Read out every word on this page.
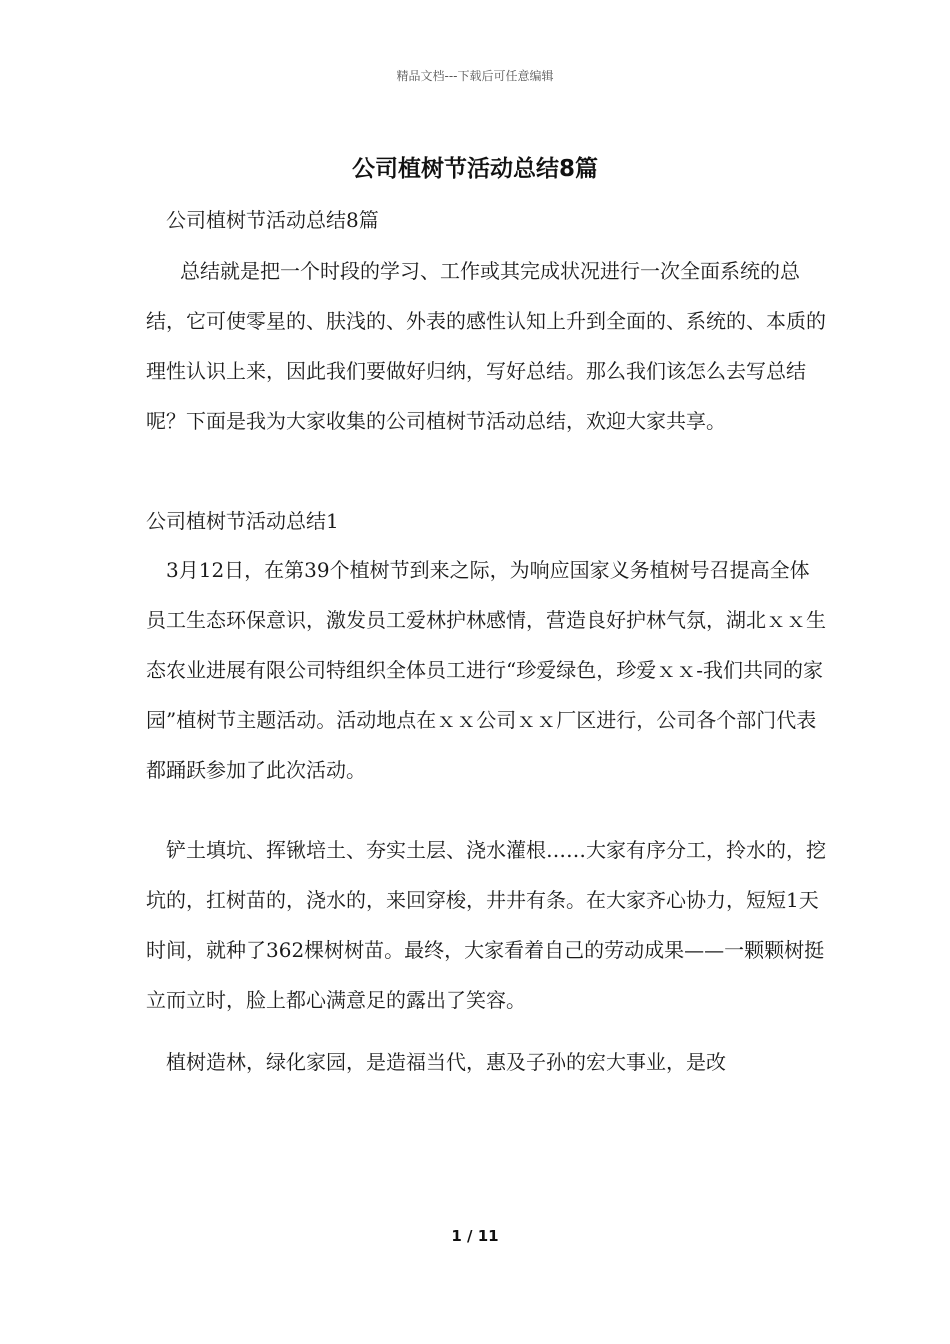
精品文档---下载后可任意编辑
公司植树节活动总结8篇

公司植树节活动总结8篇

总结就是把一个时段的学习、工作或其完成状况进行一次全面系统的总结，它可使零星的、肤浅的、外表的感性认知上升到全面的、系统的、本质的理性认识上来，因此我们要做好归纳，写好总结。那么我们该怎么去写总结呢？下面是我为大家收集的公司植树节活动总结，欢迎大家共享。

公司植树节活动总结1

3月12日，在第39个植树节到来之际，为响应国家义务植树号召提高全体员工生态环保意识，激发员工爱林护林感情，营造良好护林气氛，湖北ｘｘ生态农业进展有限公司特组织全体员工进行“珍爱绿色，珍爱ｘｘ-我们共同的家园”植树节主题活动。活动地点在ｘｘ公司ｘｘ厂区进行，公司各个部门代表都踊跃参加了此次活动。

铲土填坑、挥锹培土、夯实土层、浇水灌根……大家有序分工，拎水的，挖坑的，扛树苗的，浇水的，来回穿梭，井井有条。在大家齐心协力，短短1天时间，就种了362棵树树苗。最终，大家看着自己的劳动成果——一颗颗树挺立而立时，脸上都心满意足的露出了笑容。

植树造林，绿化家园，是造福当代，惠及子孙的宏大事业，是改

1 / 11
